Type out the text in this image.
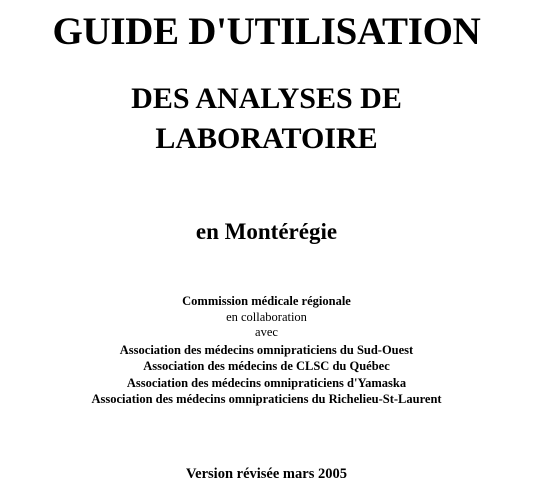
GUIDE D'UTILISATION
DES ANALYSES DE
LABORATOIRE
en Montérégie
Commission médicale régionale
en collaboration
avec
Association des médecins omnipraticiens du Sud-Ouest
Association des médecins de CLSC du Québec
Association des médecins omnipraticiens d'Yamaska
Association des médecins omnipraticiens du Richelieu-St-Laurent
Version révisée mars 2005
